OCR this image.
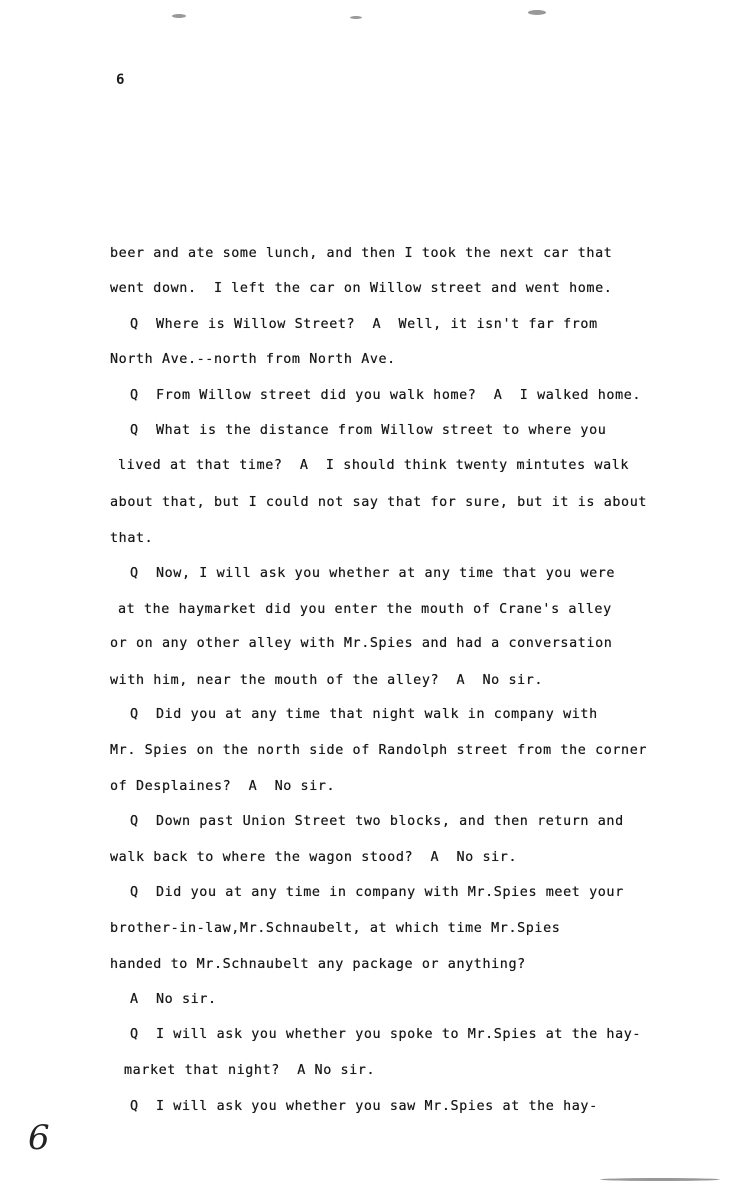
6
beer and ate some lunch, and then I took the next car that
went down.  I left the car on Willow street and went home.
Q  Where is Willow Street?  A  Well, it isn't far from
North Ave.--north from North Ave.
Q  From Willow street did you walk home?  A  I walked home.
Q  What is the distance from Willow street to where you
lived at that time?  A  I should think twenty mintutes walk
about that, but I could not say that for sure, but it is about
that.
Q  Now, I will ask you whether at any time that you were
at the haymarket did you enter the mouth of Crane's alley
or on any other alley with Mr.Spies and had a conversation
with him, near the mouth of the alley?  A  No sir.
Q  Did you at any time that night walk in company with
Mr. Spies on the north side of Randolph street from the corner
of Desplaines?  A  No sir.
Q  Down past Union Street two blocks, and then return and
walk back to where the wagon stood?  A  No sir.
Q  Did you at any time in company with Mr.Spies meet your
brother-in-law,Mr.Schnaubelt, at which time Mr.Spies
handed to Mr.Schnaubelt any package or anything?
A  No sir.
Q  I will ask you whether you spoke to Mr.Spies at the hay-
market that night?  A No sir.
Q  I will ask you whether you saw Mr.Spies at the hay-
6
